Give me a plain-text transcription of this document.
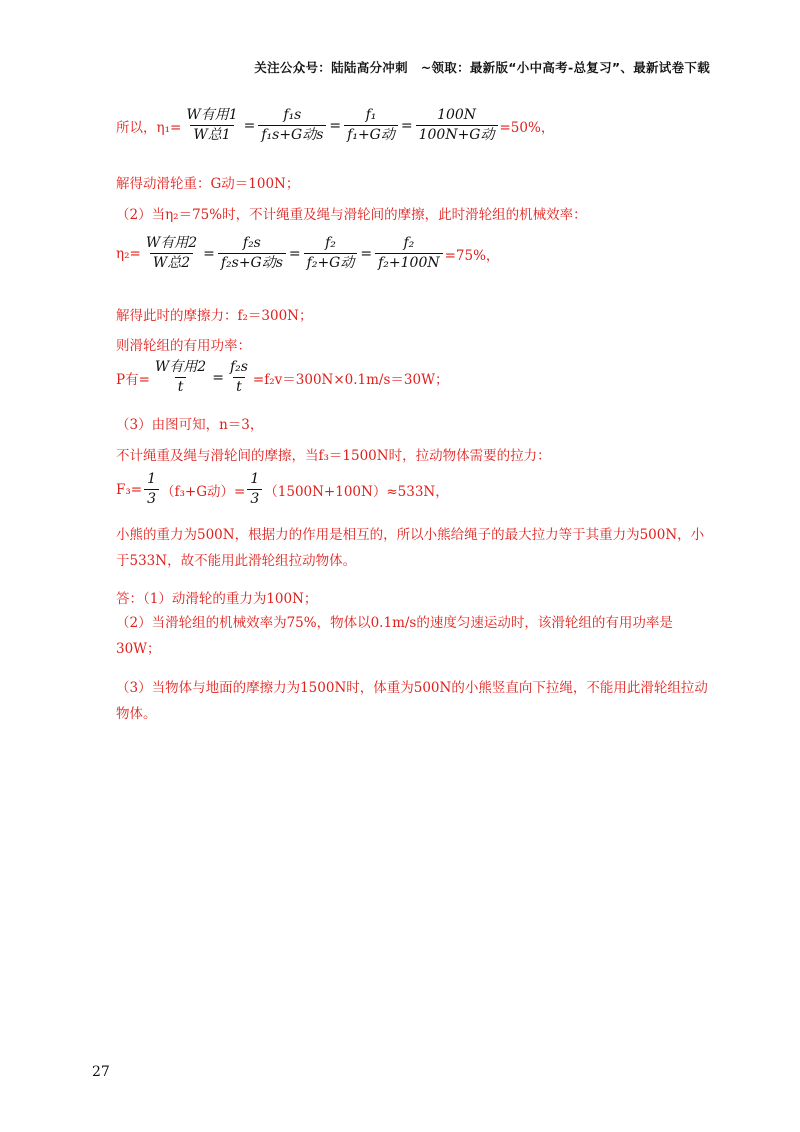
关注公众号：陆陆高分冲刺　~领取：最新版“小中高考-总复习”、最新试卷下载
所以，$\eta_1= \frac{\text{W有用1}}{\text{W总1}} = \frac{\text{f₁s}}{\text{f₁s+G动s}} = \frac{\text{f₁}}{\text{f₁+G动}} = \frac{100N}{\text{100N+G动}} =50\%$，
解得动滑轮重：G动＝100N；
（2）当η₂＝75%时，不计绳重及绳与滑轮间的摩擦，此时滑轮组的机械效率：
$\eta_2= \frac{\text{W有用2}}{\text{W总2}} = \frac{\text{f₂s}}{\text{f₂s+G动s}} = \frac{\text{f₂}}{\text{f₂+G动}} = \frac{\text{f₂}}{\text{f₂+100N}} =75\%$，
解得此时的摩擦力：f₂＝300N；
则滑轮组的有用功率：
P有= $\frac{\text{W有用2}}{t} = \frac{\text{f₂s}}{t} =f_2v=300N\times 0.1m/s=30W$；
（3）由图可知，n＝3，
不计绳重及绳与滑轮间的摩擦，当f₃＝1500N时，拉动物体需要的拉力：
$F_3= \frac{1}{3} (f_3+G$动）= $\frac{1}{3} (1500N+100N)\approx 533N$，
小熊的重力为500N，根据力的作用是相互的，所以小熊给绳子的最大拉力等于其重力为500N，小于533N，故不能用此滑轮组拉动物体。
答：（1）动滑轮的重力为100N；
（2）当滑轮组的机械效率为75%，物体以0.1m/s的速度匀速运动时，该滑轮组的有用功率是30W；
（3）当物体与地面的摩擦力为1500N时，体重为500N的小熊竖直向下拉绳，不能用此滑轮组拉动物体。
27
